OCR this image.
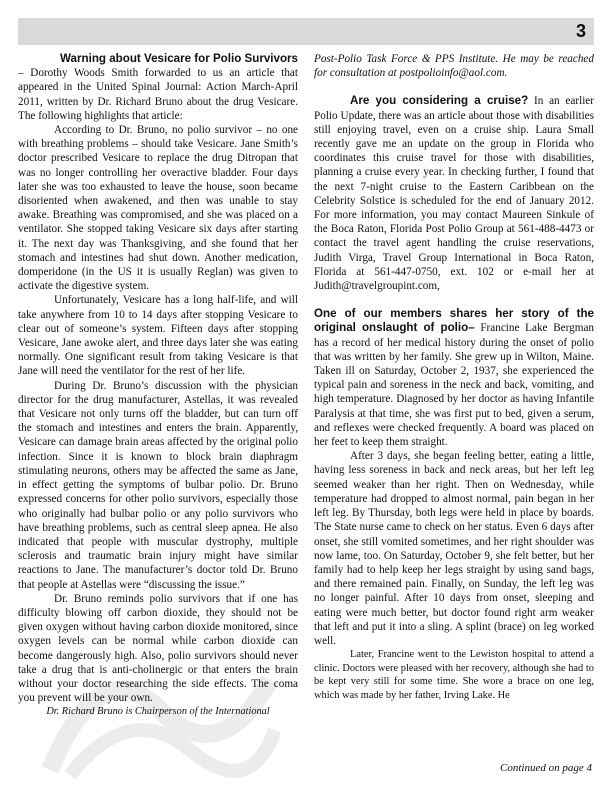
3

Warning about Vesicare for Polio Survivors
– Dorothy Woods Smith forwarded to us an article that appeared in the United Spinal Journal: Action March-April 2011, written by Dr. Richard Bruno about the drug Vesicare. The following highlights that article:

According to Dr. Bruno, no polio survivor – no one with breathing problems – should take Vesicare. Jane Smith’s doctor prescribed Vesicare to replace the drug Ditropan that was no longer controlling her overactive bladder. Four days later she was too exhausted to leave the house, soon became disoriented when awakened, and then was unable to stay awake. Breathing was compromised, and she was placed on a ventilator. She stopped taking Vesicare six days after starting it. The next day was Thanksgiving, and she found that her stomach and intestines had shut down. Another medication, domperidone (in the US it is usually Reglan) was given to activate the digestive system.

Unfortunately, Vesicare has a long half-life, and will take anywhere from 10 to 14 days after stopping Vesicare to clear out of someone’s system. Fifteen days after stopping Vesicare, Jane awoke alert, and three days later she was eating normally. One significant result from taking Vesicare is that Jane will need the ventilator for the rest of her life.

During Dr. Bruno’s discussion with the physician director for the drug manufacturer, Astellas, it was revealed that Vesicare not only turns off the bladder, but can turn off the stomach and intestines and enters the brain. Apparently, Vesicare can damage brain areas affected by the original polio infection. Since it is known to block brain diaphragm stimulating neurons, others may be affected the same as Jane, in effect getting the symptoms of bulbar polio. Dr. Bruno expressed concerns for other polio survivors, especially those who originally had bulbar polio or any polio survivors who have breathing problems, such as central sleep apnea. He also indicated that people with muscular dystrophy, multiple sclerosis and traumatic brain injury might have similar reactions to Jane. The manufacturer’s doctor told Dr. Bruno that people at Astellas were “discussing the issue.”

Dr. Bruno reminds polio survivors that if one has difficulty blowing off carbon dioxide, they should not be given oxygen without having carbon dioxide monitored, since oxygen levels can be normal while carbon dioxide can become dangerously high. Also, polio survivors should never take a drug that is anti-cholinergic or that enters the brain without your doctor researching the side effects. The coma you prevent will be your own.

Dr. Richard Bruno is Chairperson of the International

Post-Polio Task Force & PPS Institute. He may be reached for consultation at postpolioinfo@aol.com.

Are you considering a cruise? In an earlier Polio Update, there was an article about those with disabilities still enjoying travel, even on a cruise ship. Laura Small recently gave me an update on the group in Florida who coordinates this cruise travel for those with disabilities, planning a cruise every year. In checking further, I found that the next 7-night cruise to the Eastern Caribbean on the Celebrity Solstice is scheduled for the end of January 2012. For more information, you may contact Maureen Sinkule of the Boca Raton, Florida Post Polio Group at 561-488-4473 or contact the travel agent handling the cruise reservations, Judith Virga, Travel Group International in Boca Raton, Florida at 561-447-0750, ext. 102 or e-mail her at Judith@travelgroupint.com,

One of our members shares her story of the original onslaught of polio– Francine Lake Bergman has a record of her medical history during the onset of polio that was written by her family. She grew up in Wilton, Maine. Taken ill on Saturday, October 2, 1937, she experienced the typical pain and soreness in the neck and back, vomiting, and high temperature. Diagnosed by her doctor as having Infantile Paralysis at that time, she was first put to bed, given a serum, and reflexes were checked frequently. A board was placed on her feet to keep them straight.

After 3 days, she began feeling better, eating a little, having less soreness in back and neck areas, but her left leg seemed weaker than her right. Then on Wednesday, while temperature had dropped to almost normal, pain began in her left leg. By Thursday, both legs were held in place by boards. The State nurse came to check on her status. Even 6 days after onset, she still vomited sometimes, and her right shoulder was now lame, too. On Saturday, October 9, she felt better, but her family had to help keep her legs straight by using sand bags, and there remained pain. Finally, on Sunday, the left leg was no longer painful. After 10 days from onset, sleeping and eating were much better, but doctor found right arm weaker that left and put it into a sling. A splint (brace) on leg worked well.

Later, Francine went to the Lewiston hospital to attend a clinic. Doctors were pleased with her recovery, although she had to be kept very still for some time. She wore a brace on one leg, which was made by her father, Irving Lake. He

Continued on page 4
